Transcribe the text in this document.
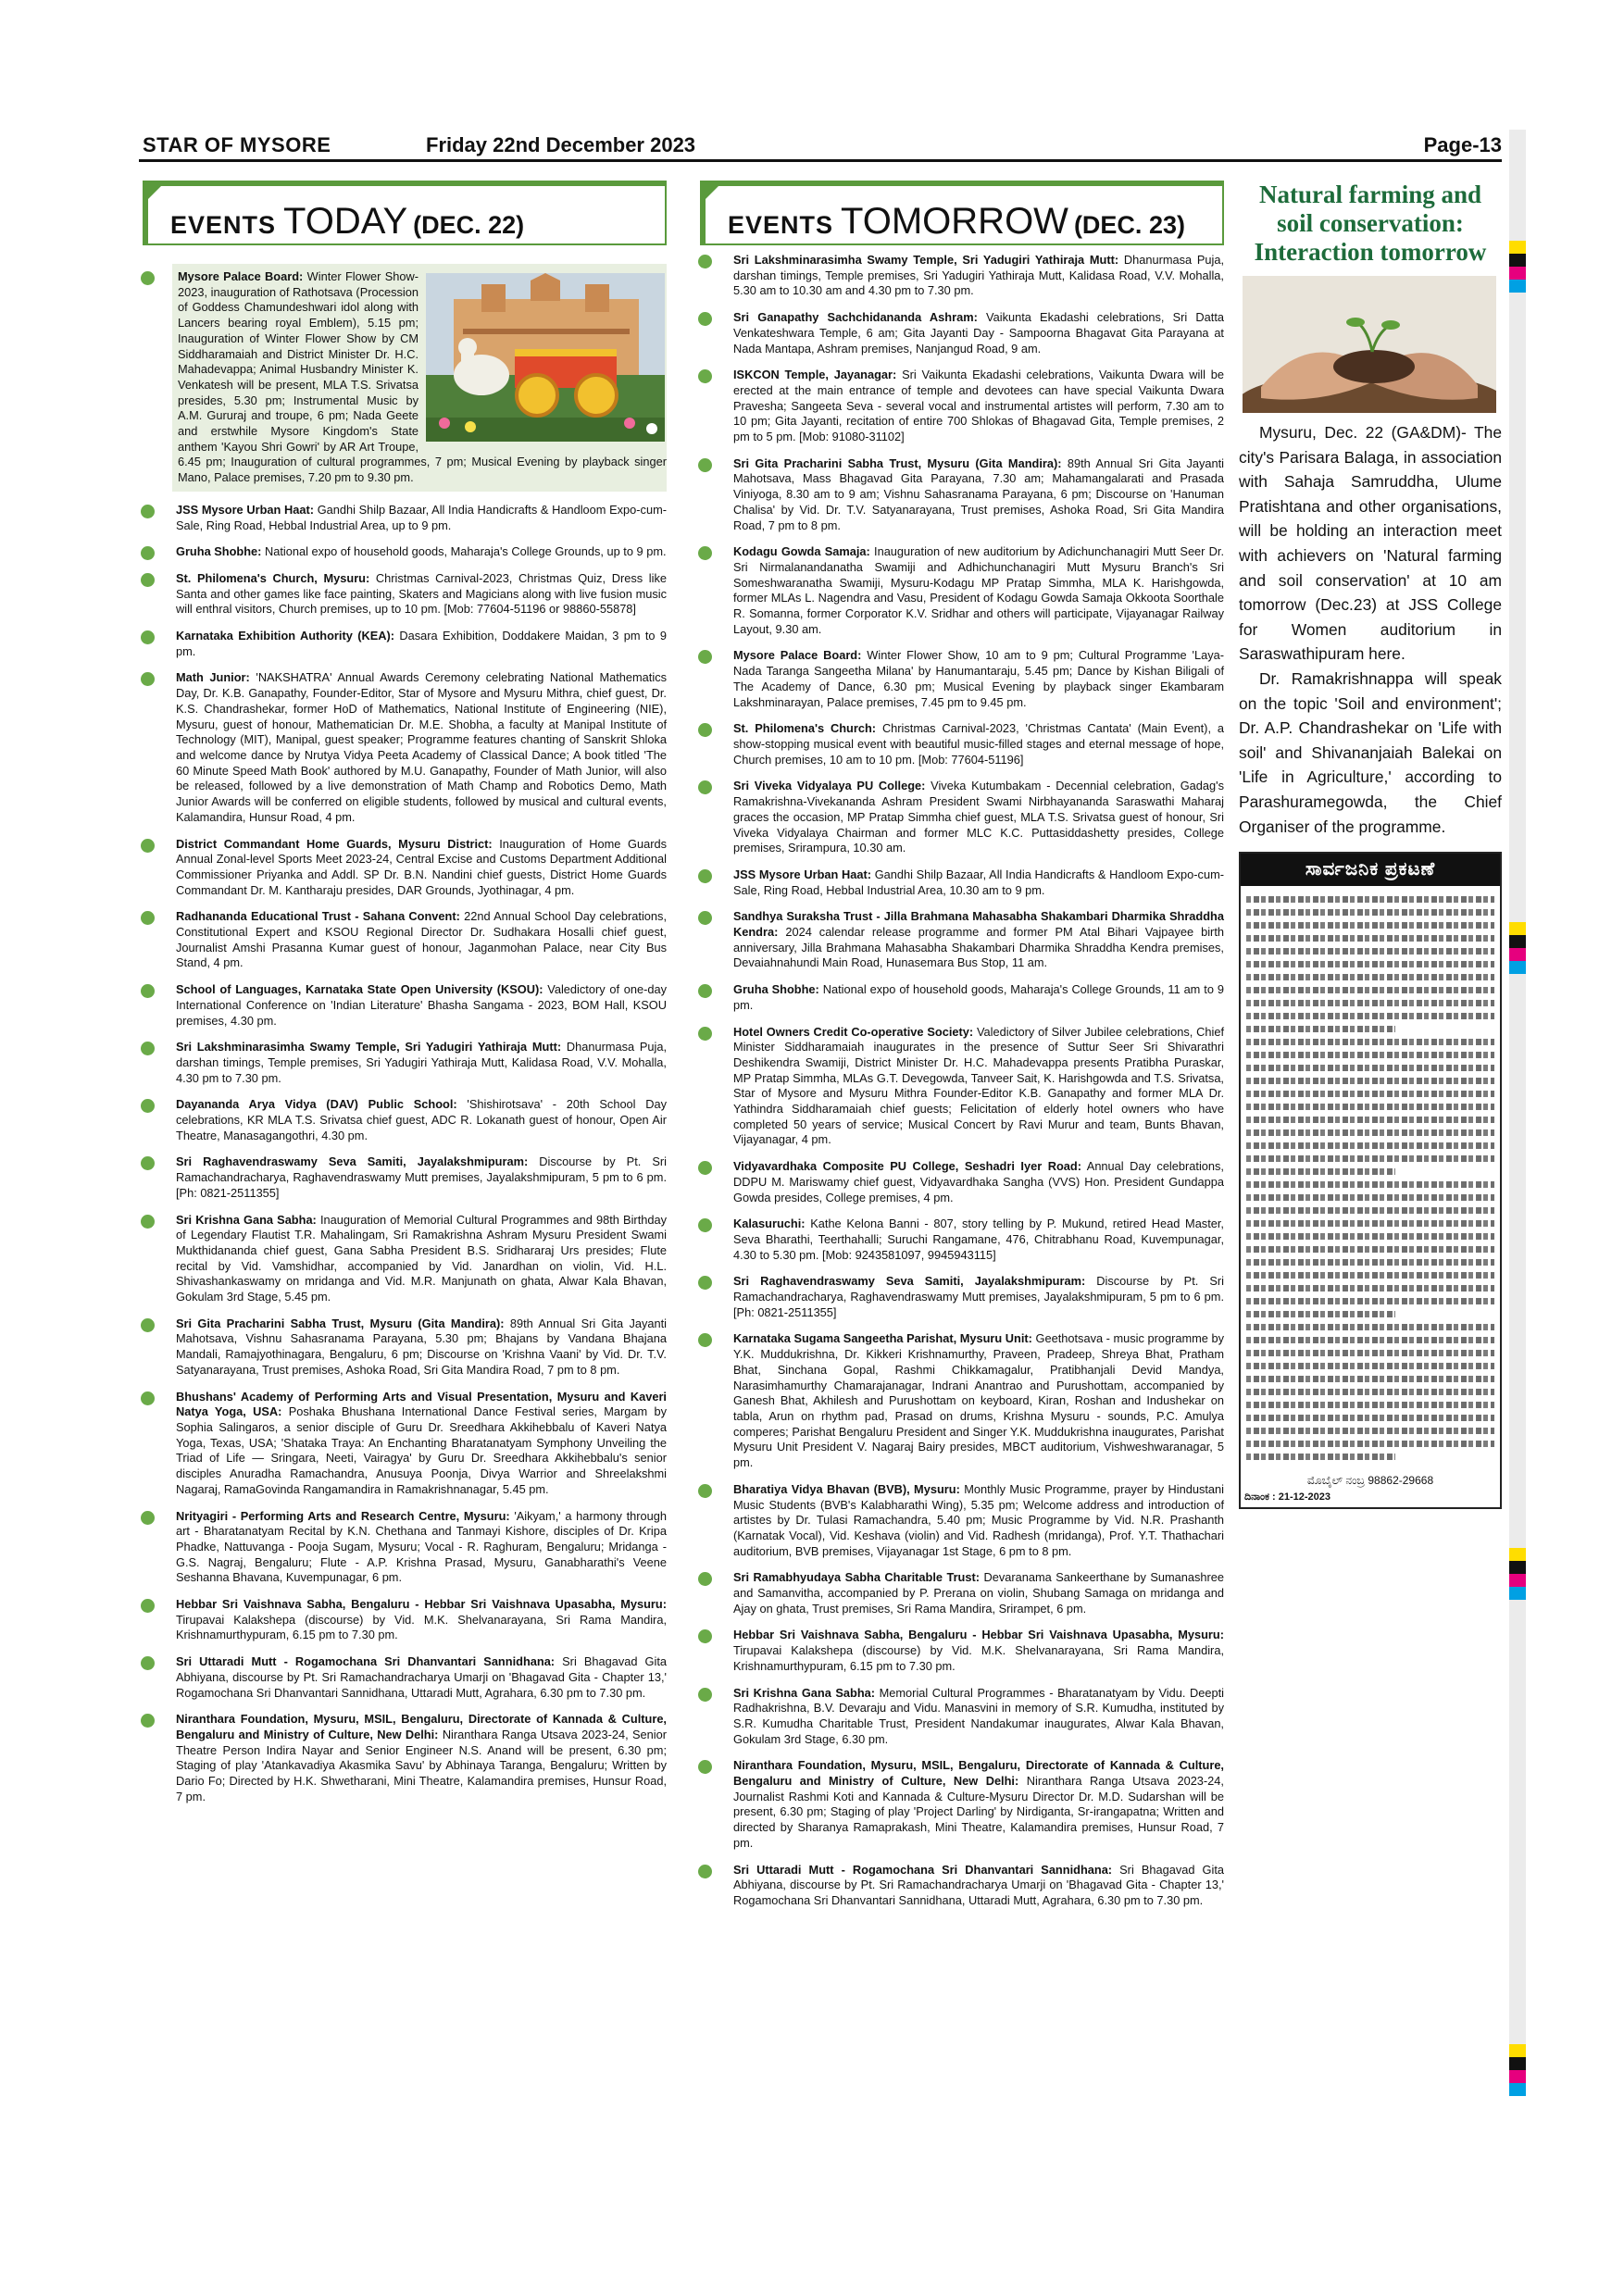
STAR OF MYSORE	Friday 22nd December 2023	Page-13
EVENTS TODAY (DEC. 22)
Mysore Palace Board: Winter Flower Show-2023, inauguration of Rathotsava (Procession of Goddess Chamundeshwari idol along with Lancers bearing royal Emblem), 5.15 pm; Inauguration of Winter Flower Show by CM Siddharamaiah and District Minister Dr. H.C. Mahadevappa; Animal Husbandry Minister K. Venkatesh will be present, MLA T.S. Srivatsa presides, 5.30 pm; Instrumental Music by A.M. Gururaj and troupe, 6 pm; Nada Geete and erstwhile Mysore Kingdom's State anthem 'Kayou Shri Gowri' by AR Art Troupe, 6.45 pm; Inauguration of cultural programmes, 7 pm; Musical Evening by playback singer Mano, Palace premises, 7.20 pm to 9.30 pm.
JSS Mysore Urban Haat: Gandhi Shilp Bazaar, All India Handicrafts & Handloom Expo-cum-Sale, Ring Road, Hebbal Industrial Area, up to 9 pm.
Gruha Shobhe: National expo of household goods, Maharaja's College Grounds, up to 9 pm.
St. Philomena's Church, Mysuru: Christmas Carnival-2023, Christmas Quiz, Dress like Santa and other games like face painting, Skaters and Magicians along with live fusion music will enthral visitors, Church premises, up to 10 pm. [Mob: 77604-51196 or 98860-55878]
Karnataka Exhibition Authority (KEA): Dasara Exhibition, Doddakere Maidan, 3 pm to 9 pm.
Math Junior: 'NAKSHATRA' Annual Awards Ceremony celebrating National Mathematics Day, Dr. K.B. Ganapathy, Founder-Editor, Star of Mysore and Mysuru Mithra, chief guest, Dr. K.S. Chandrashekar, former HoD of Mathematics, National Institute of Engineering (NIE), Mysuru, guest of honour, Mathematician Dr. M.E. Shobha, a faculty at Manipal Institute of Technology (MIT), Manipal, guest speaker; Programme features chanting of Sanskrit Shloka and welcome dance by Nrutya Vidya Peeta Academy of Classical Dance; A book titled 'The 60 Minute Speed Math Book' authored by M.U. Ganapathy, Founder of Math Junior, will also be released, followed by a live demonstration of Math Champ and Robotics Demo, Math Junior Awards will be conferred on eligible students, followed by musical and cultural events, Kalamandira, Hunsur Road, 4 pm.
District Commandant Home Guards, Mysuru District: Inauguration of Home Guards Annual Zonal-level Sports Meet 2023-24, Central Excise and Customs Department Additional Commissioner Priyanka and Addl. SP Dr. B.N. Nandini chief guests, District Home Guards Commandant Dr. M. Kantharaju presides, DAR Grounds, Jyothinagar, 4 pm.
Radhananda Educational Trust - Sahana Convent: 22nd Annual School Day celebrations, Constitutional Expert and KSOU Regional Director Dr. Sudhakara Hosalli chief guest, Journalist Amshi Prasanna Kumar guest of honour, Jaganmohan Palace, near City Bus Stand, 4 pm.
School of Languages, Karnataka State Open University (KSOU): Valedictory of one-day International Conference on 'Indian Literature' Bhasha Sangama - 2023, BOM Hall, KSOU premises, 4.30 pm.
Sri Lakshminarasimha Swamy Temple, Sri Yadugiri Yathiraja Mutt: Dhanurmasa Puja, darshan timings, Temple premises, Sri Yadugiri Yathiraja Mutt, Kalidasa Road, V.V. Mohalla, 4.30 pm to 7.30 pm.
Dayananda Arya Vidya (DAV) Public School: 'Shishirotsava' - 20th School Day celebrations, KR MLA T.S. Srivatsa chief guest, ADC R. Lokanath guest of honour, Open Air Theatre, Manasagangothri, 4.30 pm.
Sri Raghavendraswamy Seva Samiti, Jayalakshmipuram: Discourse by Pt. Sri Ramachandracharya, Raghavendraswamy Mutt premises, Jayalakshmipuram, 5 pm to 6 pm. [Ph: 0821-2511355]
Sri Krishna Gana Sabha: Inauguration of Memorial Cultural Programmes and 98th Birthday of Legendary Flautist T.R. Mahalingam, Sri Ramakrishna Ashram Mysuru President Swami Mukthidananda chief guest, Gana Sabha President B.S. Sridhararaj Urs presides; Flute recital by Vid. Vamshidhar, accompanied by Vid. Janardhan on violin, Vid. H.L. Shivashankaswamy on mridanga and Vid. M.R. Manjunath on ghata, Alwar Kala Bhavan, Gokulam 3rd Stage, 5.45 pm.
Sri Gita Pracharini Sabha Trust, Mysuru (Gita Mandira): 89th Annual Sri Gita Jayanti Mahotsava, Vishnu Sahasranama Parayana, 5.30 pm; Bhajans by Vandana Bhajana Mandali, Ramajyothinagara, Bengaluru, 6 pm; Discourse on 'Krishna Vaani' by Vid. Dr. T.V. Satyanarayana, Trust premises, Ashoka Road, Sri Gita Mandira Road, 7 pm to 8 pm.
Bhushans' Academy of Performing Arts and Visual Presentation, Mysuru and Kaveri Natya Yoga, USA: Poshaka Bhushana International Dance Festival series, Margam by Sophia Salingaros, a senior disciple of Guru Dr. Sreedhara Akkihebbalu of Kaveri Natya Yoga, Texas, USA; 'Shataka Traya: An Enchanting Bharatanatyam Symphony Unveiling the Triad of Life — Sringara, Neeti, Vairagya' by Guru Dr. Sreedhara Akkihebbalu's senior disciples Anuradha Ramachandra, Anusuya Poonja, Divya Warrior and Shreelakshmi Nagaraj, RamaGovinda Rangamandira in Ramakrishnanagar, 5.45 pm.
Nrityagiri - Performing Arts and Research Centre, Mysuru: 'Aikyam,' a harmony through art - Bharatanatyam Recital by K.N. Chethana and Tanmayi Kishore, disciples of Dr. Kripa Phadke, Nattuvanga - Pooja Sugam, Mysuru; Vocal - R. Raghuram, Bengaluru; Mridanga - G.S. Nagraj, Bengaluru; Flute - A.P. Krishna Prasad, Mysuru, Ganabharathi's Veene Seshanna Bhavana, Kuvempunagar, 6 pm.
Hebbar Sri Vaishnava Sabha, Bengaluru - Hebbar Sri Vaishnava Upasabha, Mysuru: Tirupavai Kalakshepa (discourse) by Vid. M.K. Shelvanarayana, Sri Rama Mandira, Krishnamurthypuram, 6.15 pm to 7.30 pm.
Sri Uttaradi Mutt - Rogamochana Sri Dhanvantari Sannidhana: Sri Bhagavad Gita Abhiyana, discourse by Pt. Sri Ramachandracharya Umarji on 'Bhagavad Gita - Chapter 13,' Rogamochana Sri Dhanvantari Sannidhana, Uttaradi Mutt, Agrahara, 6.30 pm to 7.30 pm.
Niranthara Foundation, Mysuru, MSIL, Bengaluru, Directorate of Kannada & Culture, Bengaluru and Ministry of Culture, New Delhi: Niranthara Ranga Utsava 2023-24, Senior Theatre Person Indira Nayar and Senior Engineer N.S. Anand will be present, 6.30 pm; Staging of play 'Atankavadiya Akasmika Savu' by Abhinaya Taranga, Bengaluru; Written by Dario Fo; Directed by H.K. Shwetharani, Mini Theatre, Kalamandira premises, Hunsur Road, 7 pm.
EVENTS TOMORROW (DEC. 23)
Sri Lakshminarasimha Swamy Temple, Sri Yadugiri Yathiraja Mutt: Dhanurmasa Puja, darshan timings, Temple premises, Sri Yadugiri Yathiraja Mutt, Kalidasa Road, V.V. Mohalla, 5.30 am to 10.30 am and 4.30 pm to 7.30 pm.
Sri Ganapathy Sachchidananda Ashram: Vaikunta Ekadashi celebrations, Sri Datta Venkateshwara Temple, 6 am; Gita Jayanti Day - Sampoorna Bhagavat Gita Parayana at Nada Mantapa, Ashram premises, Nanjangud Road, 9 am.
ISKCON Temple, Jayanagar: Sri Vaikunta Ekadashi celebrations, Vaikunta Dwara will be erected at the main entrance of temple and devotees can have special Vaikunta Dwara Pravesha; Sangeeta Seva - several vocal and instrumental artistes will perform, 7.30 am to 10 pm; Gita Jayanti, recitation of entire 700 Shlokas of Bhagavad Gita, Temple premises, 2 pm to 5 pm. [Mob: 91080-31102]
Sri Gita Pracharini Sabha Trust, Mysuru (Gita Mandira): 89th Annual Sri Gita Jayanti Mahotsava, Mass Bhagavad Gita Parayana, 7.30 am; Mahamangalarati and Prasada Viniyoga, 8.30 am to 9 am; Vishnu Sahasranama Parayana, 6 pm; Discourse on 'Hanuman Chalisa' by Vid. Dr. T.V. Satyanarayana, Trust premises, Ashoka Road, Sri Gita Mandira Road, 7 pm to 8 pm.
Kodagu Gowda Samaja: Inauguration of new auditorium by Adichunchanagiri Mutt Seer Dr. Sri Nirmalanandanatha Swamiji and Adhichunchanagiri Mutt Mysuru Branch's Sri Someshwaranatha Swamiji, Mysuru-Kodagu MP Pratap Simmha, MLA K. Harishgowda, former MLAs L. Nagendra and Vasu, President of Kodagu Gowda Samaja Okkoota Soorthale R. Somanna, former Corporator K.V. Sridhar and others will participate, Vijayanagar Railway Layout, 9.30 am.
Mysore Palace Board: Winter Flower Show, 10 am to 9 pm; Cultural Programme 'Laya-Nada Taranga Sangeetha Milana' by Hanumantaraju, 5.45 pm; Dance by Kishan Biligali of The Academy of Dance, 6.30 pm; Musical Evening by playback singer Ekambaram Lakshminarayan, Palace premises, 7.45 pm to 9.45 pm.
St. Philomena's Church: Christmas Carnival-2023, 'Christmas Cantata' (Main Event), a show-stopping musical event with beautiful music-filled stages and eternal message of hope, Church premises, 10 am to 10 pm. [Mob: 77604-51196]
Sri Viveka Vidyalaya PU College: Viveka Kutumbakam - Decennial celebration, Gadag's Ramakrishna-Vivekananda Ashram President Swami Nirbhayananda Saraswathi Maharaj graces the occasion, MP Pratap Simmha chief guest, MLA T.S. Srivatsa guest of honour, Sri Viveka Vidyalaya Chairman and former MLC K.C. Puttasiddashetty presides, College premises, Srirampura, 10.30 am.
JSS Mysore Urban Haat: Gandhi Shilp Bazaar, All India Handicrafts & Handloom Expo-cum-Sale, Ring Road, Hebbal Industrial Area, 10.30 am to 9 pm.
Sandhya Suraksha Trust - Jilla Brahmana Mahasabha Shakambari Dharmika Shraddha Kendra: 2024 calendar release programme and former PM Atal Bihari Vajpayee birth anniversary, Jilla Brahmana Mahasabha Shakambari Dharmika Shraddha Kendra premises, Devaiahnahundi Main Road, Hunasemara Bus Stop, 11 am.
Gruha Shobhe: National expo of household goods, Maharaja's College Grounds, 11 am to 9 pm.
Hotel Owners Credit Co-operative Society: Valedictory of Silver Jubilee celebrations, Chief Minister Siddharamaiah inaugurates in the presence of Suttur Seer Sri Shivarathri Deshikendra Swamiji, District Minister Dr. H.C. Mahadevappa presents Pratibha Puraskar, MP Pratap Simmha, MLAs G.T. Devegowda, Tanveer Sait, K. Harishgowda and T.S. Srivatsa, Star of Mysore and Mysuru Mithra Founder-Editor K.B. Ganapathy and former MLA Dr. Yathindra Siddharamaiah chief guests; Felicitation of elderly hotel owners who have completed 50 years of service; Musical Concert by Ravi Murur and team, Bunts Bhavan, Vijayanagar, 4 pm.
Vidyavardhaka Composite PU College, Seshadri Iyer Road: Annual Day celebrations, DDPU M. Mariswamy chief guest, Vidyavardhaka Sangha (VVS) Hon. President Gundappa Gowda presides, College premises, 4 pm.
Kalasuruchi: Kathe Kelona Banni - 807, story telling by P. Mukund, retired Head Master, Seva Bharathi, Teerthahalli; Suruchi Rangamane, 476, Chitrabhanu Road, Kuvempunagar, 4.30 to 5.30 pm. [Mob: 9243581097, 9945943115]
Sri Raghavendraswamy Seva Samiti, Jayalakshmipuram: Discourse by Pt. Sri Ramachandracharya, Raghavendraswamy Mutt premises, Jayalakshmipuram, 5 pm to 6 pm. [Ph: 0821-2511355]
Karnataka Sugama Sangeetha Parishat, Mysuru Unit: Geethotsava - music programme by Y.K. Muddukrishna, Dr. Kikkeri Krishnamurthy, Praveen, Pradeep, Shreya Bhat, Pratham Bhat, Sinchana Gopal, Rashmi Chikkamagalur, Pratibhanjali Devid Mandya, Narasimhamurthy Chamarajanagar, Indrani Anantrao and Purushottam, accompanied by Ganesh Bhat, Akhilesh and Purushottam on keyboard, Kiran, Roshan and Indushekar on tabla, Arun on rhythm pad, Prasad on drums, Krishna Mysuru - sounds, P.C. Amulya comperes; Parishat Bengaluru President and Singer Y.K. Muddukrishna inaugurates, Parishat Mysuru Unit President V. Nagaraj Bairy presides, MBCT auditorium, Vishweshwaranagar, 5 pm.
Bharatiya Vidya Bhavan (BVB), Mysuru: Monthly Music Programme, prayer by Hindustani Music Students (BVB's Kalabharathi Wing), 5.35 pm; Welcome address and introduction of artistes by Dr. Tulasi Ramachandra, 5.40 pm; Music Programme by Vid. N.R. Prashanth (Karnatak Vocal), Vid. Keshava (violin) and Vid. Radhesh (mridanga), Prof. Y.T. Thathachari auditorium, BVB premises, Vijayanagar 1st Stage, 6 pm to 8 pm.
Sri Ramabhyudaya Sabha Charitable Trust: Devaranama Sankeerthane by Sumanashree and Samanvitha, accompanied by P. Prerana on violin, Shubang Samaga on mridanga and Ajay on ghata, Trust premises, Sri Rama Mandira, Srirampet, 6 pm.
Hebbar Sri Vaishnava Sabha, Bengaluru - Hebbar Sri Vaishnava Upasabha, Mysuru: Tirupavai Kalakshepa (discourse) by Vid. M.K. Shelvanarayana, Sri Rama Mandira, Krishnamurthypuram, 6.15 pm to 7.30 pm.
Sri Krishna Gana Sabha: Memorial Cultural Programmes - Bharatanatyam by Vidu. Deepti Radhakrishna, B.V. Devaraju and Vidu. Manasvini in memory of S.R. Kumudha, instituted by S.R. Kumudha Charitable Trust, President Nandakumar inaugurates, Alwar Kala Bhavan, Gokulam 3rd Stage, 6.30 pm.
Niranthara Foundation, Mysuru, MSIL, Bengaluru, Directorate of Kannada & Culture, Bengaluru and Ministry of Culture, New Delhi: Niranthara Ranga Utsava 2023-24, Journalist Rashmi Koti and Kannada & Culture-Mysuru Director Dr. M.D. Sudarshan will be present, 6.30 pm; Staging of play 'Project Darling' by Nirdiganta, Sr-irangapatna; Written and directed by Sharanya Ramaprakash, Mini Theatre, Kalamandira premises, Hunsur Road, 7 pm.
Sri Uttaradi Mutt - Rogamochana Sri Dhanvantari Sannidhana: Sri Bhagavad Gita Abhiyana, discourse by Pt. Sri Ramachandracharya Umarji on 'Bhagavad Gita - Chapter 13,' Rogamochana Sri Dhanvantari Sannidhana, Uttaradi Mutt, Agrahara, 6.30 pm to 7.30 pm.
Natural farming and soil conservation: Interaction tomorrow

Mysuru, Dec. 22 (GA&DM)- The city's Parisara Balaga, in association with Sahaja Samruddha, Ulume Pratishtana and other organisations, will be holding an interaction meet with achievers on 'Natural farming and soil conservation' at 10 am tomorrow (Dec.23) at JSS College for Women auditorium in Saraswathipuram here.

Dr. Ramakrishnappa will speak on the topic 'Soil and environment'; Dr. A.P. Chandrashekar on 'Life with soil' and Shivananjaiah Balekai on 'Life in Agriculture,' according to Parashuramegowda, the Chief Organiser of the programme.

ಸಾರ್ವಜನಿಕ ಪ್ರಕಟಣೆ
ಮೊಬೈಲ್ ನಂಬ್ರ 98862-29668
ದಿನಾಂಕ : 21-12-2023
